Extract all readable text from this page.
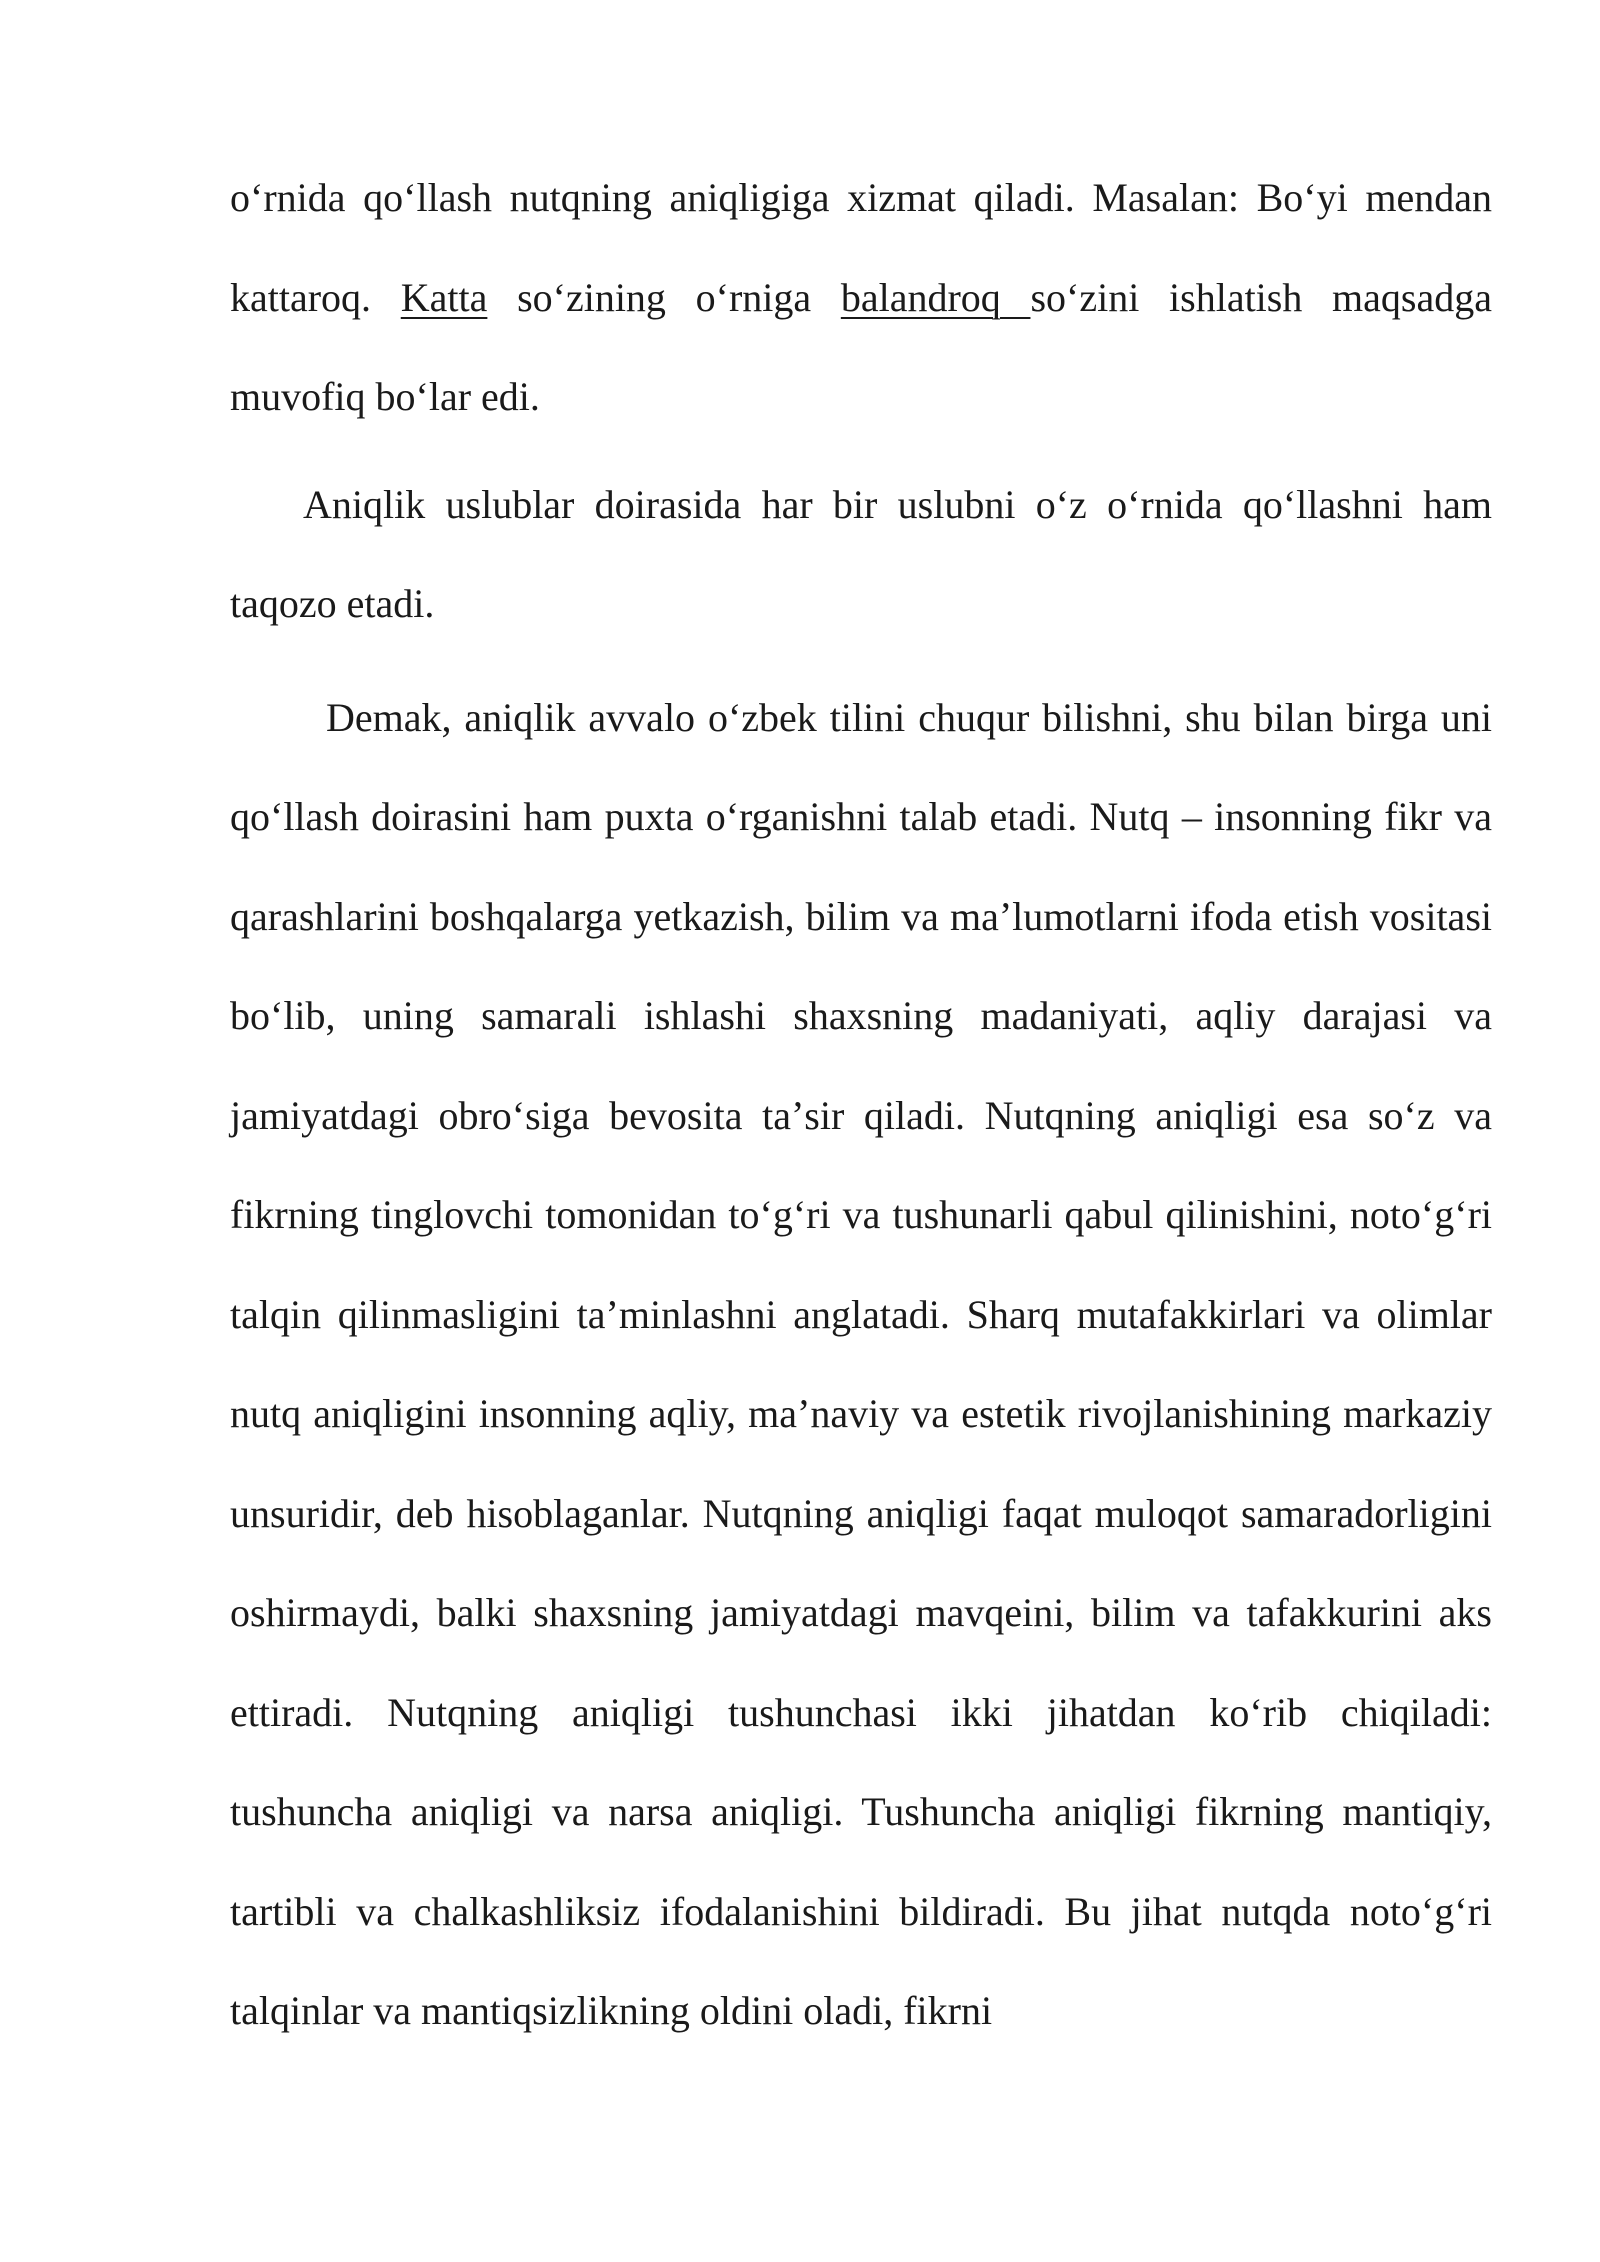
oʻrnida qoʻllash nutqning aniqligiga xizmat qiladi. Masalan: Boʻyi mendan kattaroq. Katta soʻzining oʻrniga balandroq soʻzini ishlatish maqsadga muvofiq boʻlar edi.

Aniqlik uslublar doirasida har bir uslubni oʻz oʻrnida qoʻllashni ham taqozo etadi.

Demak, aniqlik avvalo oʻzbek tilini chuqur bilishni, shu bilan birga uni qoʻllash doirasini ham puxta oʻrganishni talab etadi. Nutq – insonning fikr va qarashlarini boshqalarga yetkazish, bilim va maʼlumotlarni ifoda etish vositasi boʻlib, uning samarali ishlashi shaxsning madaniyati, aqliy darajasi va jamiyatdagi obroʻsiga bevosita taʼsir qiladi. Nutqning aniqligi esa soʻz va fikrning tinglovchi tomonidan toʻgʻri va tushunarli qabul qilinishini, notoʻgʻri talqin qilinmasligini taʼminlashni anglatadi. Sharq mutafakkirlari va olimlar nutq aniqligini insonning aqliy, maʼnaviy va estetik rivojlanishining markaziy unsuridir, deb hisoblaganlar. Nutqning aniqligi faqat muloqot samaradorligini oshirmaydi, balki shaxsning jamiyatdagi mavqeini, bilim va tafakkurini aks ettiradi. Nutqning aniqligi tushunchasi ikki jihatdan koʻrib chiqiladi: tushuncha aniqligi va narsa aniqligi. Tushuncha aniqligi fikrning mantiqiy, tartibli va chalkashliksiz ifodalanishini bildiradi. Bu jihat nutqda notoʻgʻri talqinlar va mantiqsizlikning oldini oladi, fikrni
